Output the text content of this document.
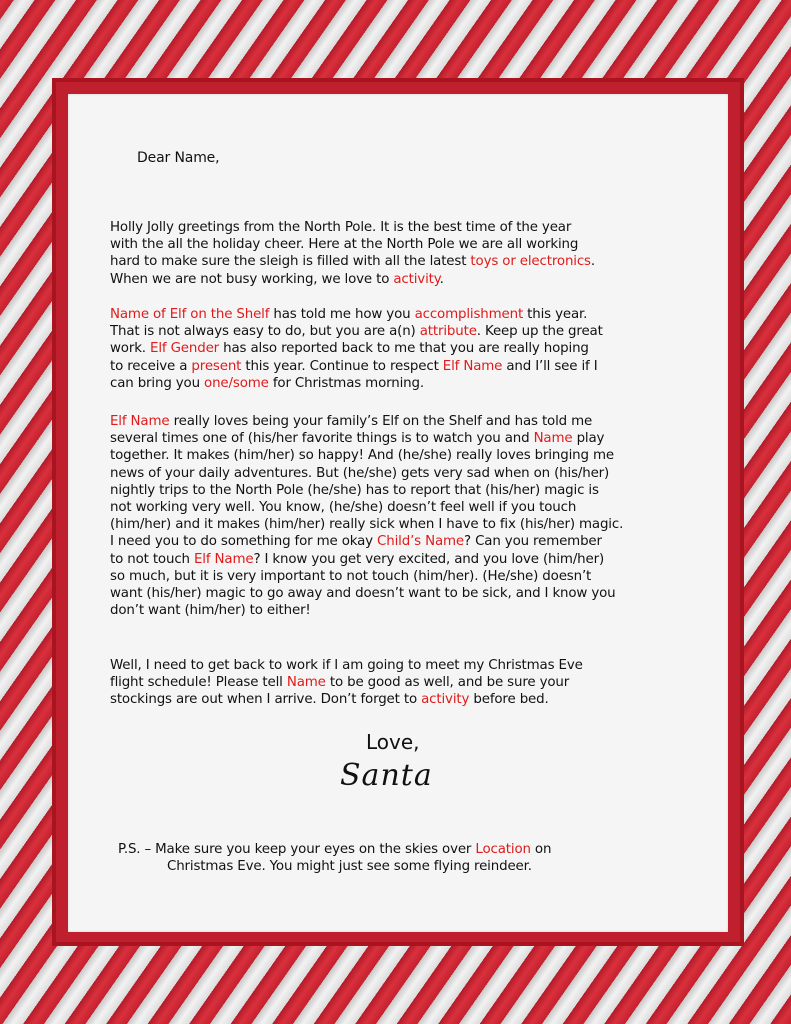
Dear Name,
Holly Jolly greetings from the North Pole. It is the best time of the year
with the all the holiday cheer. Here at the North Pole we are all working
hard to make sure the sleigh is filled with all the latest toys or electronics.
When we are not busy working, we love to activity.
Name of Elf on the Shelf has told me how you accomplishment this year.
That is not always easy to do, but you are a(n) attribute. Keep up the great
work. Elf Gender has also reported back to me that you are really hoping
to receive a present this year. Continue to respect Elf Name and I’ll see if I
can bring you one/some for Christmas morning.
Elf Name really loves being your family’s Elf on the Shelf and has told me
several times one of (his/her favorite things is to watch you and Name play
together. It makes (him/her) so happy! And (he/she) really loves bringing me
news of your daily adventures. But (he/she) gets very sad when on (his/her)
nightly trips to the North Pole (he/she) has to report that (his/her) magic is
not working very well. You know, (he/she) doesn’t feel well if you touch
(him/her) and it makes (him/her) really sick when I have to fix (his/her) magic.
I need you to do something for me okay Child’s Name? Can you remember
to not touch Elf Name? I know you get very excited, and you love (him/her)
so much, but it is very important to not touch (him/her). (He/she) doesn’t
want (his/her) magic to go away and doesn’t want to be sick, and I know you
don’t want (him/her) to either!
Well, I need to get back to work if I am going to meet my Christmas Eve
flight schedule! Please tell Name to be good as well, and be sure your
stockings are out when I arrive. Don’t forget to activity before bed.
Love,
Santa
P.S. – Make sure you keep your eyes on the skies over Location on
Christmas Eve. You might just see some flying reindeer.
